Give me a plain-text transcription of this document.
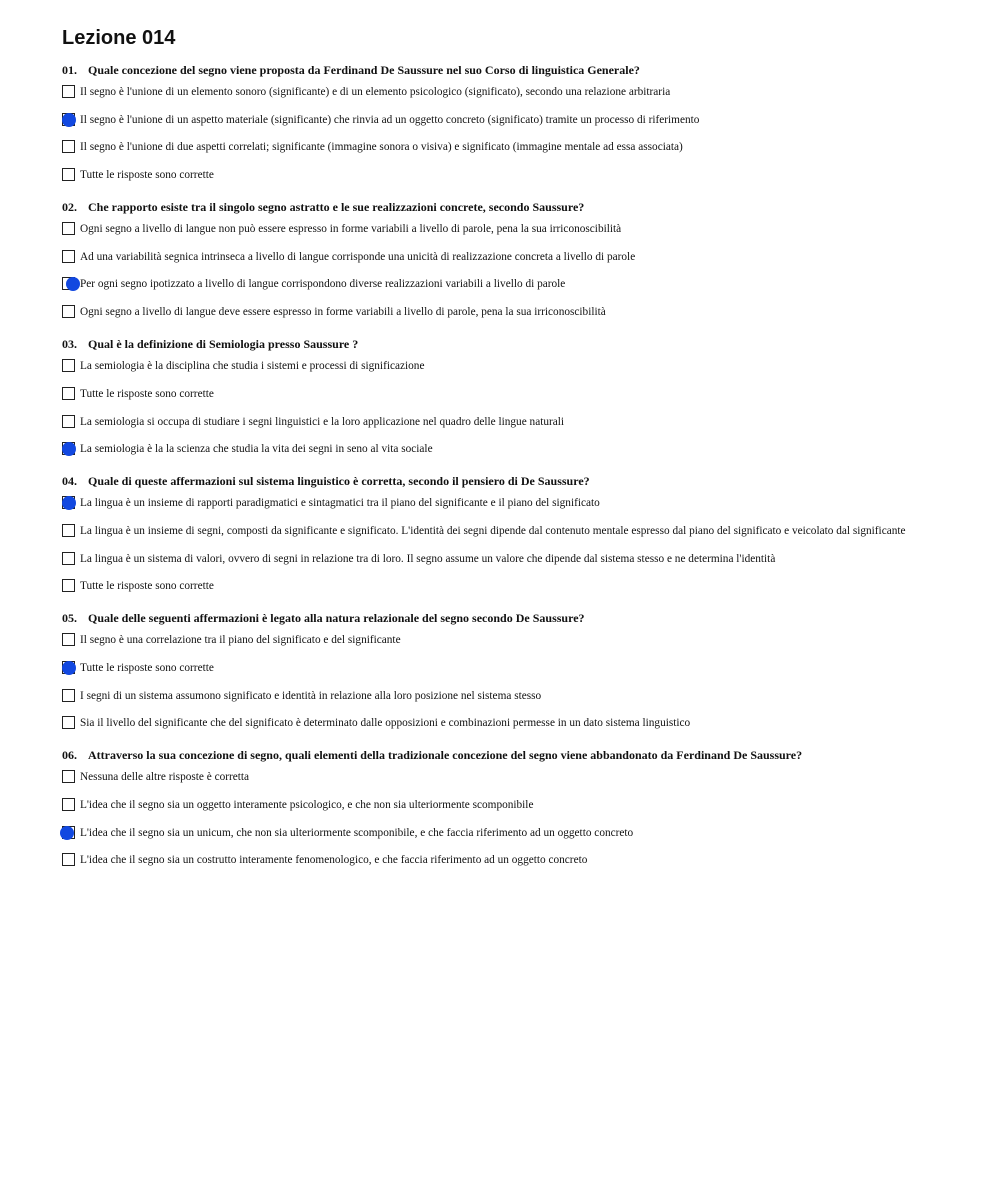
Lezione 014
01. Quale concezione del segno viene proposta da Ferdinand De Saussure nel suo Corso di linguistica Generale?
Il segno è l'unione di un elemento sonoro (significante) e di un elemento psicologico (significato), secondo una relazione arbitraria
Il segno è l'unione di un aspetto materiale (significante) che rinvia ad un oggetto concreto (significato) tramite un processo di riferimento
Il segno è l'unione di due aspetti correlati; significante (immagine sonora o visiva) e significato (immagine mentale ad essa associata)
Tutte le risposte sono corrette
02. Che rapporto esiste tra il singolo segno astratto e le sue realizzazioni concrete, secondo Saussure?
Ogni segno a livello di langue non può essere espresso in forme variabili a livello di parole, pena la sua irriconoscibilità
Ad una variabilità segnica intrinseca a livello di langue corrisponde una unicità di realizzazione concreta a livello di parole
Per ogni segno ipotizzato a livello di langue corrispondono diverse realizzazioni variabili a livello di parole
Ogni segno a livello di langue deve essere espresso in forme variabili a livello di parole, pena la sua irriconoscibilità
03. Qual è la definizione di Semiologia presso Saussure ?
La semiologia è la disciplina che studia i sistemi e processi di significazione
Tutte le risposte sono corrette
La semiologia si occupa di studiare i segni linguistici e la loro applicazione nel quadro delle lingue naturali
La semiologia è la la scienza che studia la vita dei segni in seno al vita sociale
04. Quale di queste affermazioni sul sistema linguistico è corretta, secondo il pensiero di De Saussure?
La lingua è un insieme di rapporti paradigmatici e sintagmatici tra il piano del significante e il piano del significato
La lingua è un insieme di segni, composti da significante e significato. L'identità dei segni dipende dal contenuto mentale espresso dal piano del significato e veicolato dal significante
La lingua è un sistema di valori, ovvero di segni in relazione tra di loro. Il segno assume un valore che dipende dal sistema stesso e ne determina l'identità
Tutte le risposte sono corrette
05. Quale delle seguenti affermazioni è legato alla natura relazionale del segno secondo De Saussure?
Il segno è una correlazione tra il piano del significato e del significante
Tutte le risposte sono corrette
I segni di un sistema assumono significato e identità in relazione alla loro posizione nel sistema stesso
Sia il livello del significante che del significato è determinato dalle opposizioni e combinazioni permesse in un dato sistema linguistico
06. Attraverso la sua concezione di segno, quali elementi della tradizionale concezione del segno viene abbandonato da Ferdinand De Saussure?
Nessuna delle altre risposte è corretta
L'idea che il segno sia un oggetto interamente psicologico, e che non sia ulteriormente scomponibile
L'idea che il segno sia un unicum, che non sia ulteriormente scomponibile, e che faccia riferimento ad un oggetto concreto
L'idea che il segno sia un costrutto interamente fenomenologico, e che faccia riferimento ad un oggetto concreto
